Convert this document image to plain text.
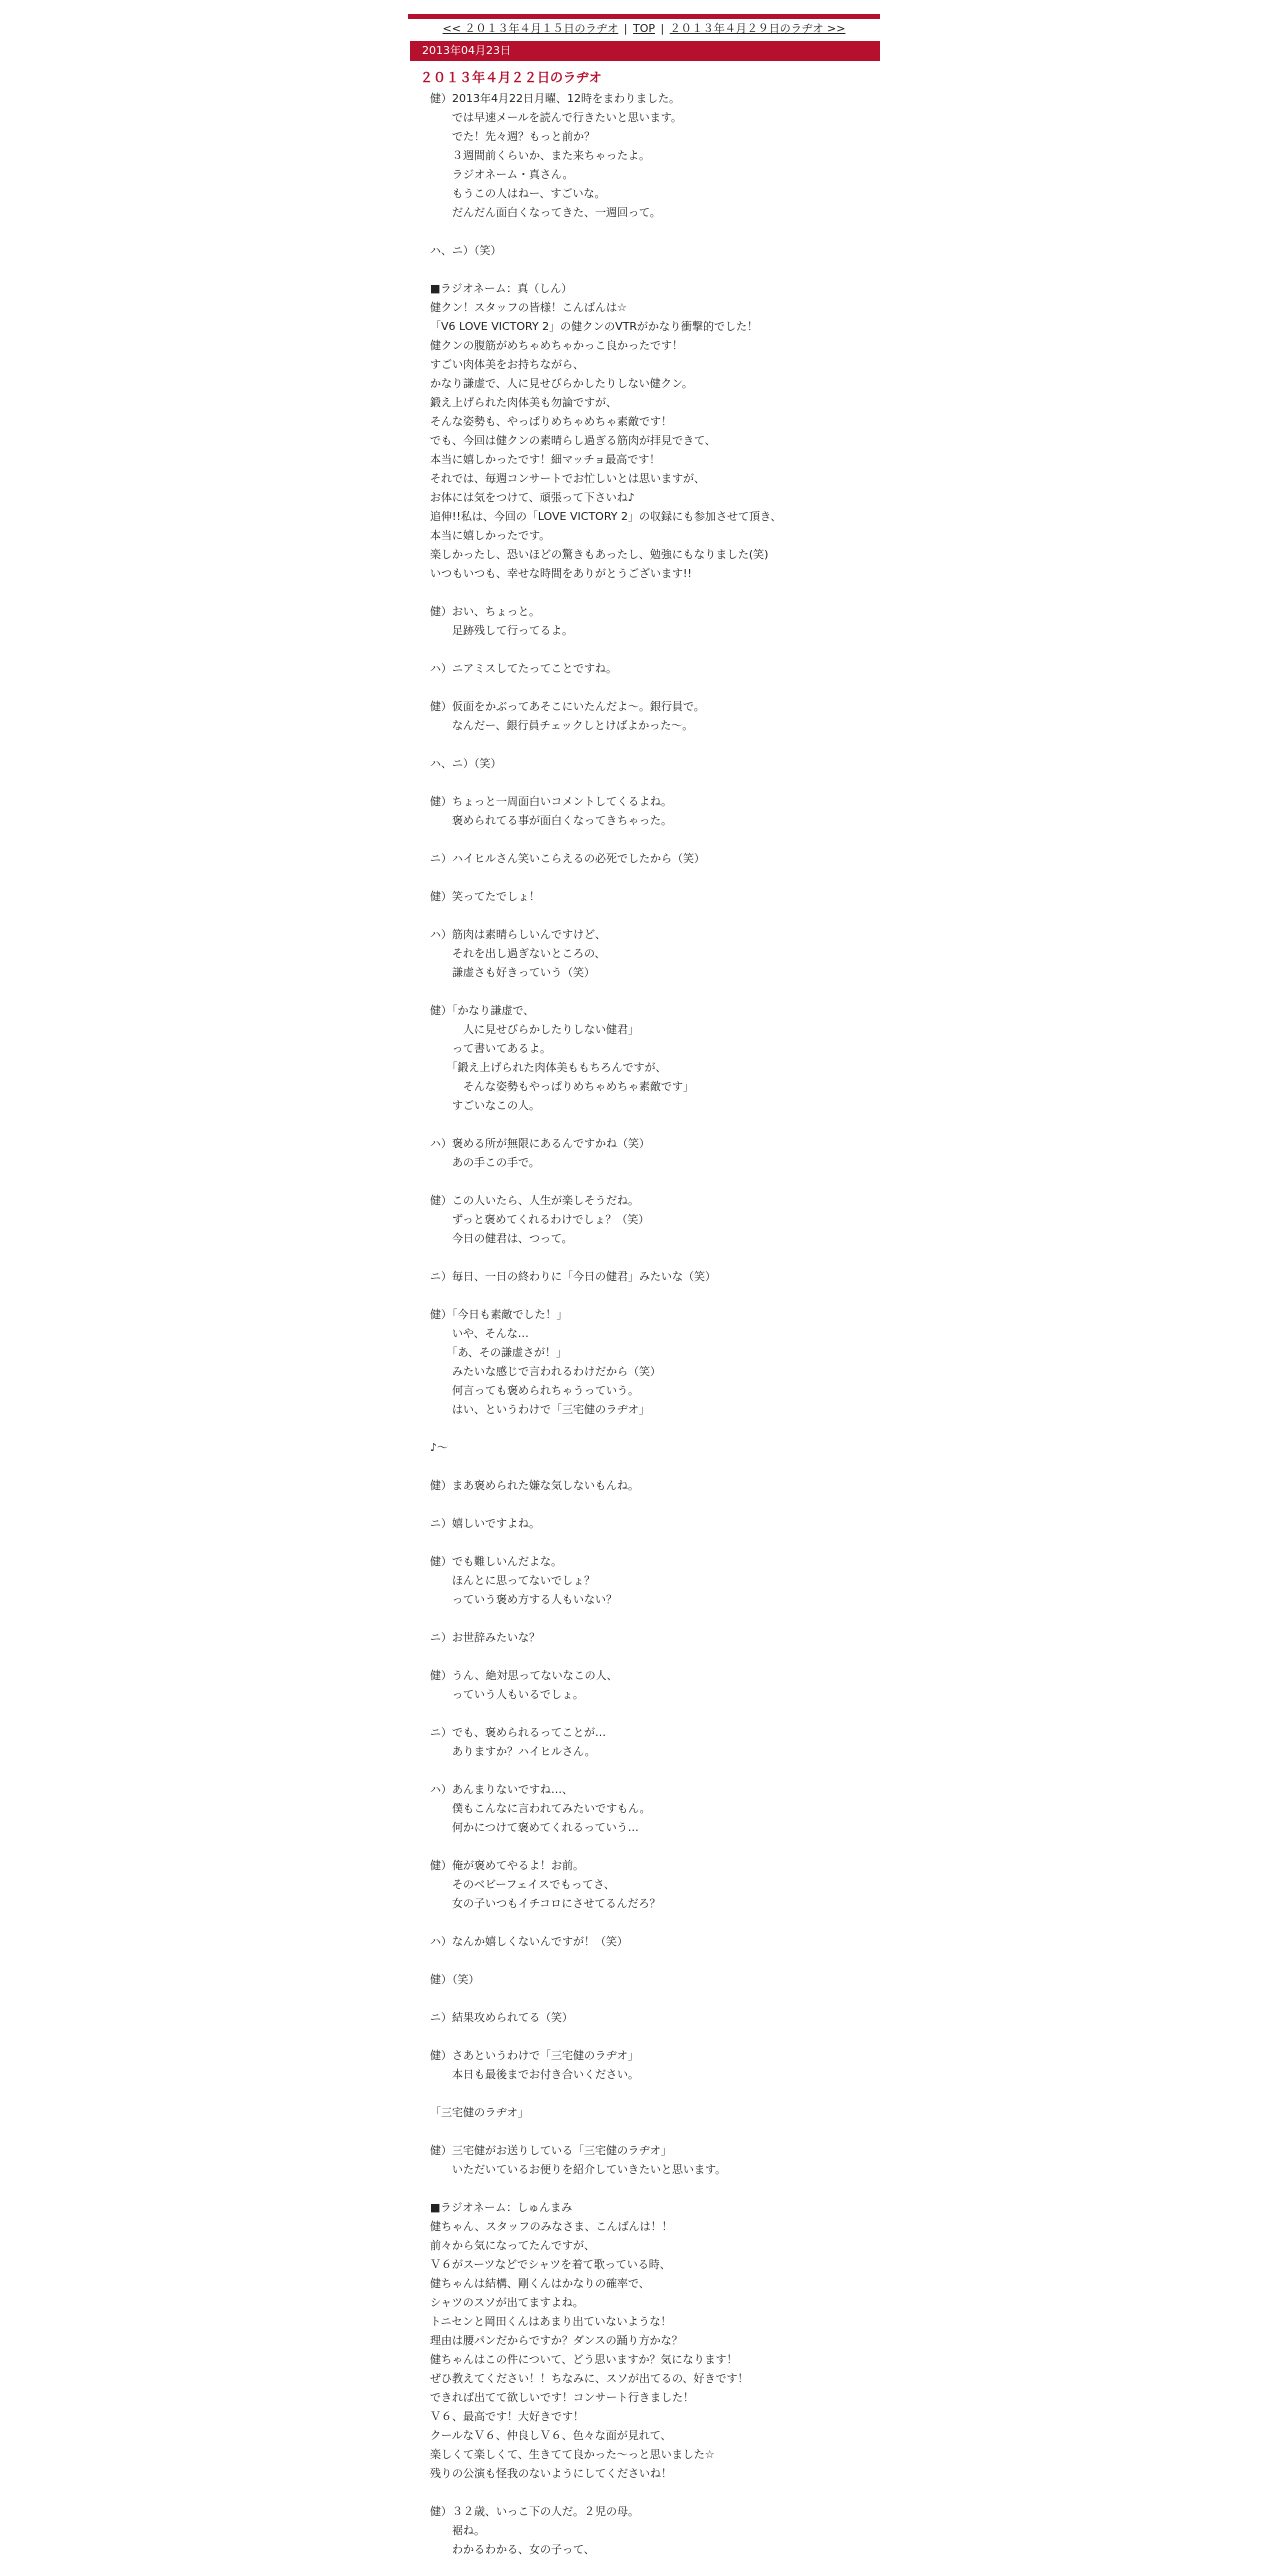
<< ２０１３年４月１５日のラヂオ | TOP | ２０１３年４月２９日のラヂオ >>
2013年04月23日
２０１３年４月２２日のラヂオ
健）2013年4月22日月曜、12時をまわりました。
　　では早速メールを読んで行きたいと思います。
　　でた！先々週？もっと前か？
　　３週間前くらいか、また来ちゃったよ。
　　ラジオネーム・真さん。
　　もうこの人はねー、すごいな。
　　だんだん面白くなってきた、一週回って。

ハ、ニ）（笑）

■ラジオネーム：真（しん）
健クン！スタッフの皆様！こんばんは☆
「V6 LOVE VICTORY 2」の健クンのVTRがかなり衝撃的でした！
健クンの腹筋がめちゃめちゃかっこ良かったです！
すごい肉体美をお持ちながら、
かなり謙虚で、人に見せびらかしたりしない健クン。
鍛え上げられた肉体美も勿論ですが、
そんな姿勢も、やっぱりめちゃめちゃ素敵です！
でも、今回は健クンの素晴らし過ぎる筋肉が拝見できて、
本当に嬉しかったです！細マッチョ最高です！
それでは、毎週コンサートでお忙しいとは思いますが、
お体には気をつけて、頑張って下さいね♪
追伸!!私は、今回の「LOVE VICTORY 2」の収録にも参加させて頂き、
本当に嬉しかったです。
楽しかったし、恐いほどの驚きもあったし、勉強にもなりました(笑)
いつもいつも、幸せな時間をありがとうございます!!

健）おい、ちょっと。
　　足跡残して行ってるよ。

ハ）ニアミスしてたってことですね。

健）仮面をかぶってあそこにいたんだよ～。銀行員で。
　　なんだー、銀行員チェックしとけばよかった～。

ハ、ニ）（笑）

健）ちょっと一周面白いコメントしてくるよね。
　　褒められてる事が面白くなってきちゃった。

ニ）ハイヒルさん笑いこらえるの必死でしたから（笑）

健）笑ってたでしょ！

ハ）筋肉は素晴らしいんですけど、
　　それを出し過ぎないところの、
　　謙虚さも好きっていう（笑）

健）「かなり謙虚で、
　　　人に見せびらかしたりしない健君」
　　って書いてあるよ。
　　「鍛え上げられた肉体美ももちろんですが、
　　　そんな姿勢もやっぱりめちゃめちゃ素敵です」
　　すごいなこの人。

ハ）褒める所が無限にあるんですかね（笑）
　　あの手この手で。

健）この人いたら、人生が楽しそうだね。
　　ずっと褒めてくれるわけでしょ？（笑）
　　今日の健君は、つって。

ニ）毎日、一日の終わりに「今日の健君」みたいな（笑）

健）「今日も素敵でした！」
　　いや、そんな…
　　「あ、その謙虚さが！」
　　みたいな感じで言われるわけだから（笑）
　　何言っても褒められちゃうっていう。
　　はい、というわけで「三宅健のラヂオ」

♪～

健）まあ褒められた嫌な気しないもんね。

ニ）嬉しいですよね。

健）でも難しいんだよな。
　　ほんとに思ってないでしょ？
　　っていう褒め方する人もいない？

ニ）お世辞みたいな？

健）うん、絶対思ってないなこの人、
　　っていう人もいるでしょ。

ニ）でも、褒められるってことが…
　　ありますか？ハイヒルさん。

ハ）あんまりないですね…、
　　僕もこんなに言われてみたいですもん。
　　何かにつけて褒めてくれるっていう…

健）俺が褒めてやるよ！お前。
　　そのベビーフェイスでもってさ、
　　女の子いつもイチコロにさせてるんだろ？

ハ）なんか嬉しくないんですが！（笑）

健）（笑）

ニ）結果攻められてる（笑）

健）さあというわけで「三宅健のラヂオ」
　　本日も最後までお付き合いください。

「三宅健のラヂオ」

健）三宅健がお送りしている「三宅健のラヂオ」
　　いただいているお便りを紹介していきたいと思います。

■ラジオネーム：しゅんまみ
健ちゃん、スタッフのみなさま、こんばんは！！
前々から気になってたんですが、
Ｖ６がスーツなどでシャツを着て歌っている時、
健ちゃんは結構、剛くんはかなりの確率で、
シャツのスソが出てますよね。
トニセンと岡田くんはあまり出ていないような！
理由は腰パンだからですか？ダンスの踊り方かな？
健ちゃんはこの件について、どう思いますか？気になります！
ぜひ教えてください！！ちなみに、スソが出てるの、好きです！
できれば出てて欲しいです！コンサート行きました！
Ｖ６、最高です！大好きです！
クールなＶ６、仲良しＶ６、色々な面が見れて、
楽しくて楽しくて、生きてて良かった～っと思いました☆
残りの公演も怪我のないようにしてくださいね！

健）３２歳、いっこ下の人だ。２児の母。
　　裾ね。
　　わかるわかる、女の子って、
